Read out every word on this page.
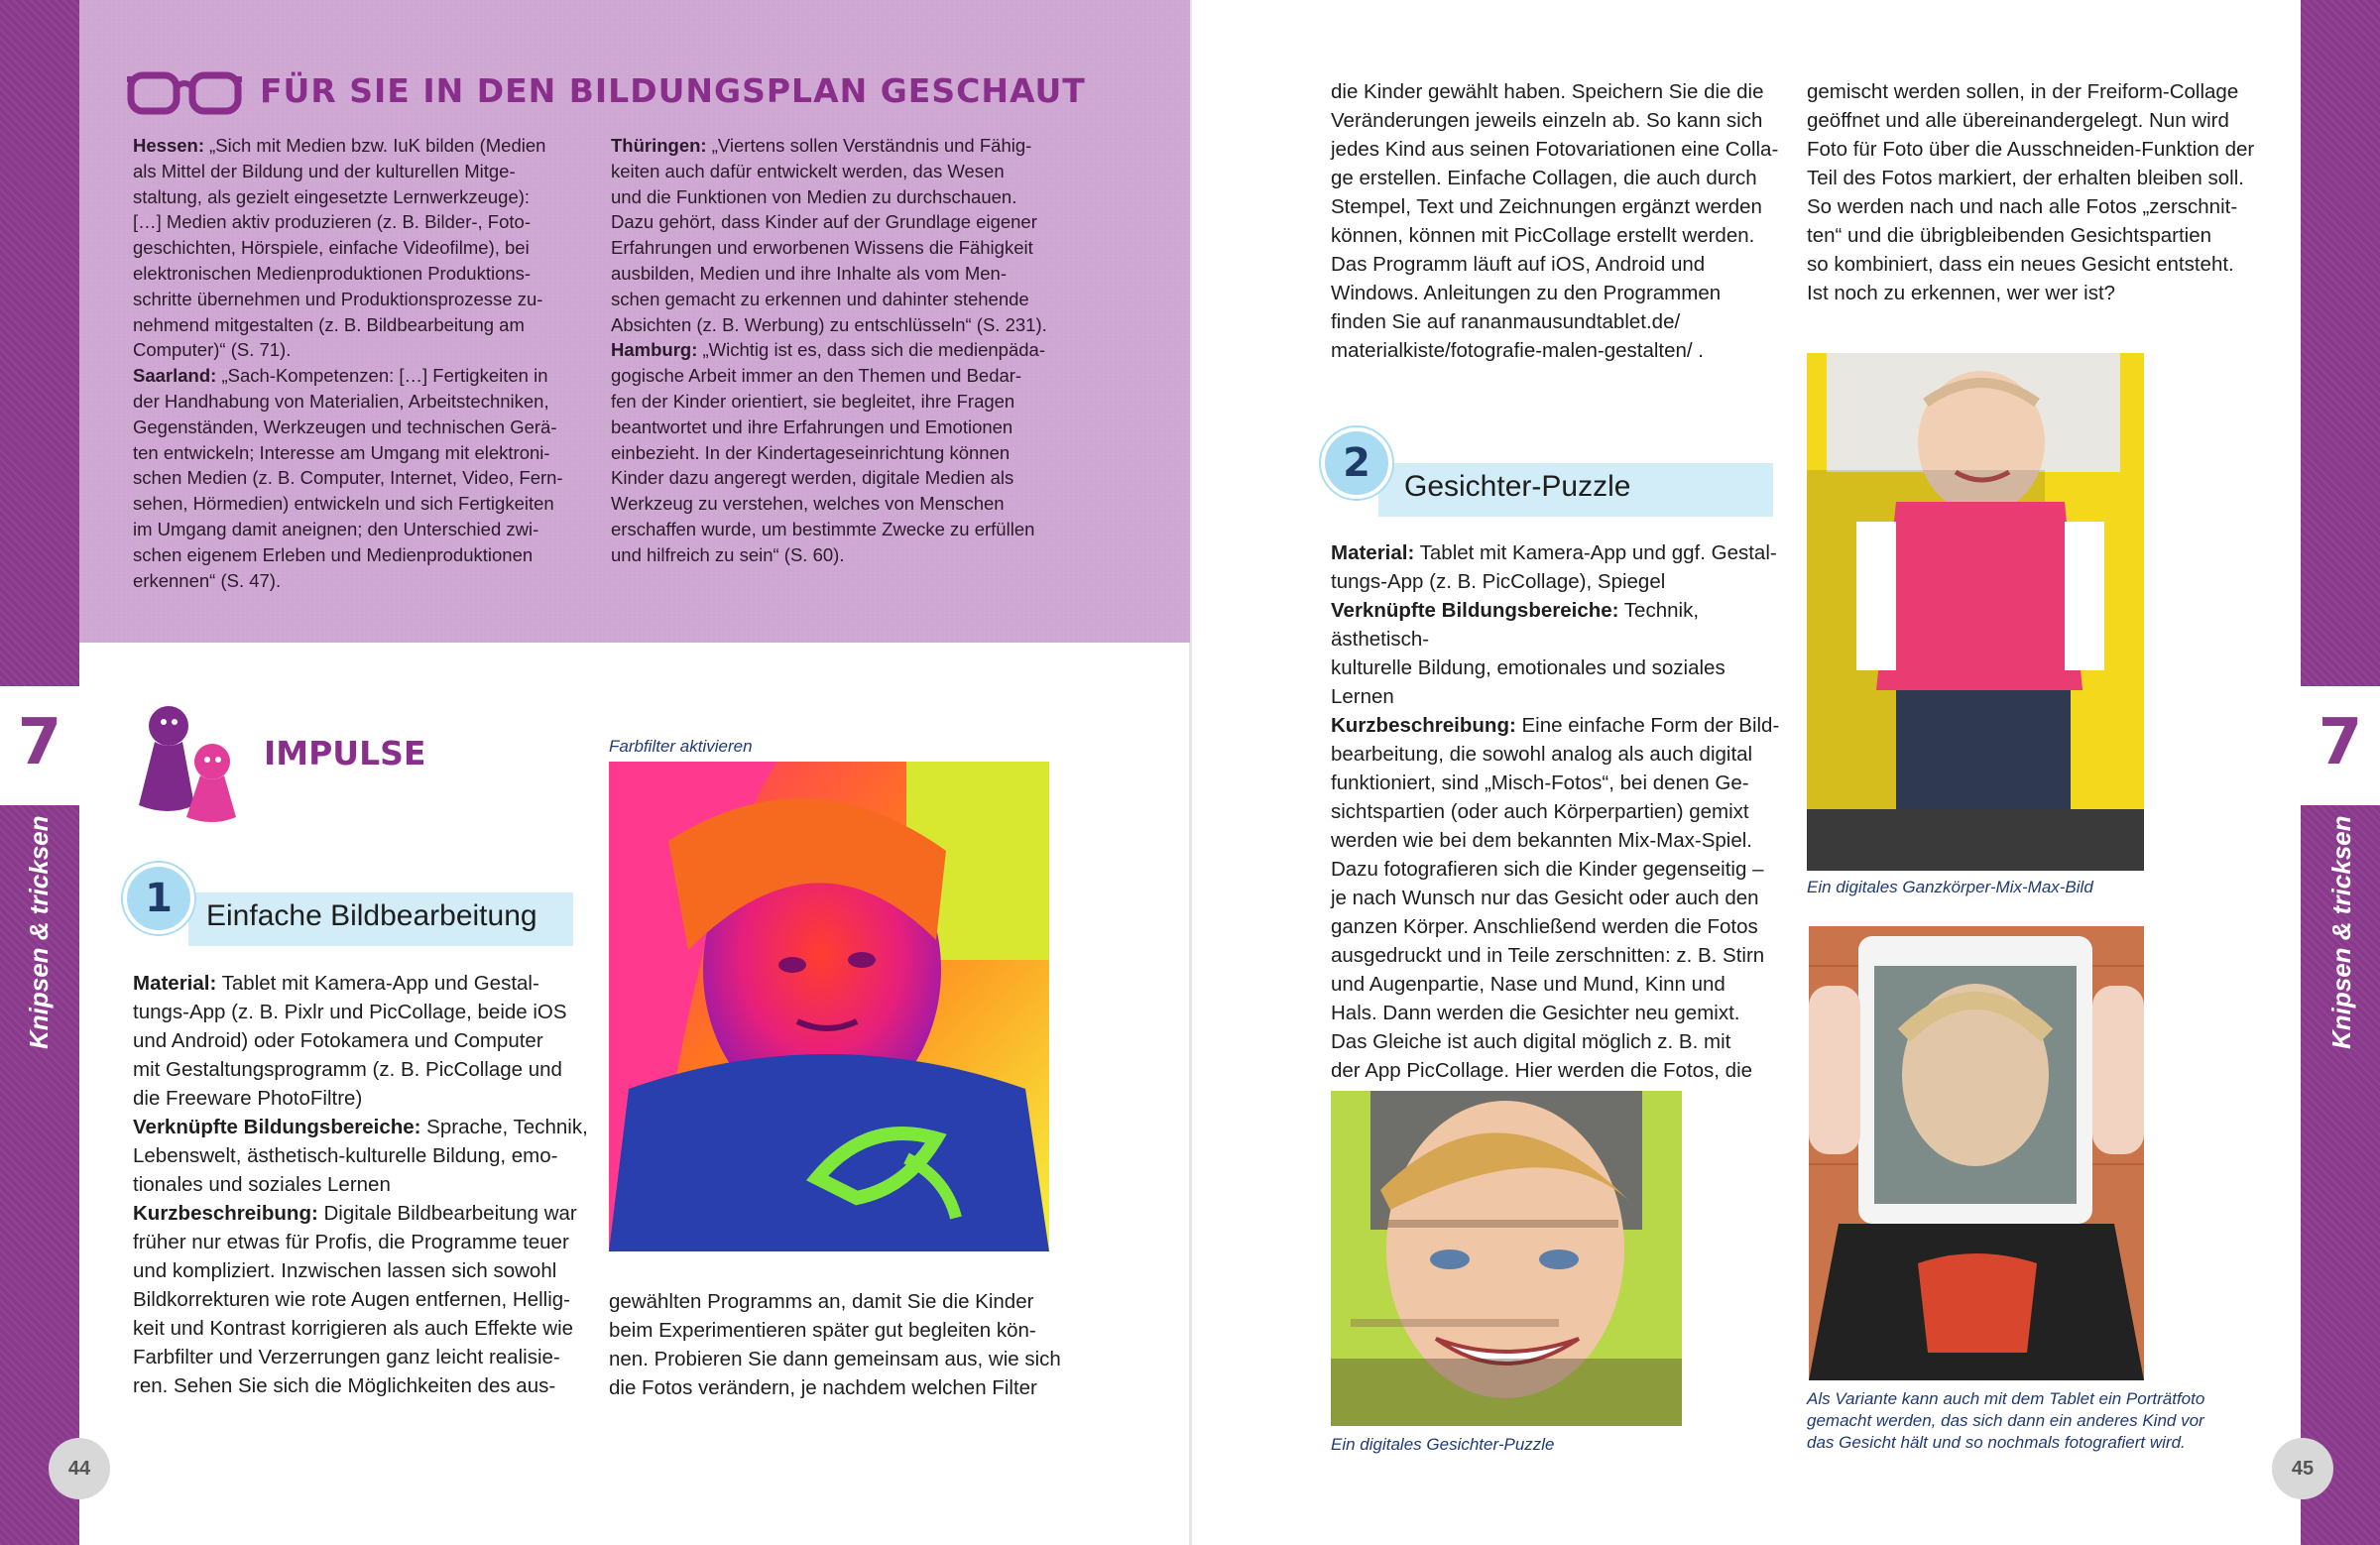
7
Knipsen & tricksen
7
Knipsen & tricksen
44	45
FÜR SIE IN DEN BILDUNGSPLAN GESCHAUT
Hessen: „Sich mit Medien bzw. IuK bilden (Medien
als Mittel der Bildung und der kulturellen Mitge-
staltung, als gezielt eingesetzte Lernwerkzeuge):
[…] Medien aktiv produzieren (z. B. Bilder-, Foto-
geschichten, Hörspiele, einfache Videofilme), bei
elektronischen Medienproduktionen Produktions-
schritte übernehmen und Produktionsprozesse zu-
nehmend mitgestalten (z. B. Bildbearbeitung am
Computer)“ (S. 71).
Saarland: „Sach-Kompetenzen: […] Fertigkeiten in
der Handhabung von Materialien, Arbeitstechniken,
Gegenständen, Werkzeugen und technischen Gerä-
ten entwickeln; Interesse am Umgang mit elektroni-
schen Medien (z. B. Computer, Internet, Video, Fern-
sehen, Hörmedien) entwickeln und sich Fertigkeiten
im Umgang damit aneignen; den Unterschied zwi-
schen eigenem Erleben und Medienproduktionen
erkennen“ (S. 47).
Thüringen: „Viertens sollen Verständnis und Fähig-
keiten auch dafür entwickelt werden, das Wesen
und die Funktionen von Medien zu durchschauen.
Dazu gehört, dass Kinder auf der Grundlage eigener
Erfahrungen und erworbenen Wissens die Fähigkeit
ausbilden, Medien und ihre Inhalte als vom Men-
schen gemacht zu erkennen und dahinter stehende
Absichten (z. B. Werbung) zu entschlüsseln“ (S. 231).
Hamburg: „Wichtig ist es, dass sich die medienpäda-
gogische Arbeit immer an den Themen und Bedar-
fen der Kinder orientiert, sie begleitet, ihre Fragen
beantwortet und ihre Erfahrungen und Emotionen
einbezieht. In der Kindertageseinrichtung können
Kinder dazu angeregt werden, digitale Medien als
Werkzeug zu verstehen, welches von Menschen
erschaffen wurde, um bestimmte Zwecke zu erfüllen
und hilfreich zu sein“ (S. 60).
IMPULSE
1	Einfache Bildbearbeitung
Material: Tablet mit Kamera-App und Gestal-
tungs-App (z. B. Pixlr und PicCollage, beide iOS
und Android) oder Fotokamera und Computer
mit Gestaltungsprogramm (z. B. PicCollage und
die Freeware PhotoFiltre)
Verknüpfte Bildungsbereiche: Sprache, Technik,
Lebenswelt, ästhetisch-kulturelle Bildung, emo-
tionales und soziales Lernen
Kurzbeschreibung: Digitale Bildbearbeitung war
früher nur etwas für Profis, die Programme teuer
und kompliziert. Inzwischen lassen sich sowohl
Bildkorrekturen wie rote Augen entfernen, Hellig-
keit und Kontrast korrigieren als auch Effekte wie
Farbfilter und Verzerrungen ganz leicht realisie-
ren. Sehen Sie sich die Möglichkeiten des aus-
Farbfilter aktivieren
gewählten Programms an, damit Sie die Kinder
beim Experimentieren später gut begleiten kön-
nen. Probieren Sie dann gemeinsam aus, wie sich
die Fotos verändern, je nachdem welchen Filter
die Kinder gewählt haben. Speichern Sie die die
Veränderungen jeweils einzeln ab. So kann sich
jedes Kind aus seinen Fotovariationen eine Colla-
ge erstellen. Einfache Collagen, die auch durch
Stempel, Text und Zeichnungen ergänzt werden
können, können mit PicCollage erstellt werden.
Das Programm läuft auf iOS, Android und
Windows. Anleitungen zu den Programmen
finden Sie auf rananmausundtablet.de/
materialkiste/fotografie-malen-gestalten/ .
2
Gesichter-Puzzle
Material: Tablet mit Kamera-App und ggf. Gestal-
tungs-App (z. B. PicCollage), Spiegel
Verknüpfte Bildungsbereiche: Technik, ästhetisch-
kulturelle Bildung, emotionales und soziales
Lernen
Kurzbeschreibung: Eine einfache Form der Bild-
bearbeitung, die sowohl analog als auch digital
funktioniert, sind „Misch-Fotos“, bei denen Ge-
sichtspartien (oder auch Körperpartien) gemixt
werden wie bei dem bekannten Mix-Max-Spiel.
Dazu fotografieren sich die Kinder gegenseitig –
je nach Wunsch nur das Gesicht oder auch den
ganzen Körper. Anschließend werden die Fotos
ausgedruckt und in Teile zerschnitten: z. B. Stirn
und Augenpartie, Nase und Mund, Kinn und
Hals. Dann werden die Gesichter neu gemixt.
Das Gleiche ist auch digital möglich z. B. mit
der App PicCollage. Hier werden die Fotos, die
Ein digitales Gesichter-Puzzle
gemischt werden sollen, in der Freiform-Collage
geöffnet und alle übereinandergelegt. Nun wird
Foto für Foto über die Ausschneiden-Funktion der
Teil des Fotos markiert, der erhalten bleiben soll.
So werden nach und nach alle Fotos „zerschnit-
ten“ und die übrigbleibenden Gesichtspartien
so kombiniert, dass ein neues Gesicht entsteht.
Ist noch zu erkennen, wer wer ist?
Ein digitales Ganzkörper-Mix-Max-Bild
Als Variante kann auch mit dem Tablet ein Porträtfoto
gemacht werden, das sich dann ein anderes Kind vor
das Gesicht hält und so nochmals fotografiert wird.
